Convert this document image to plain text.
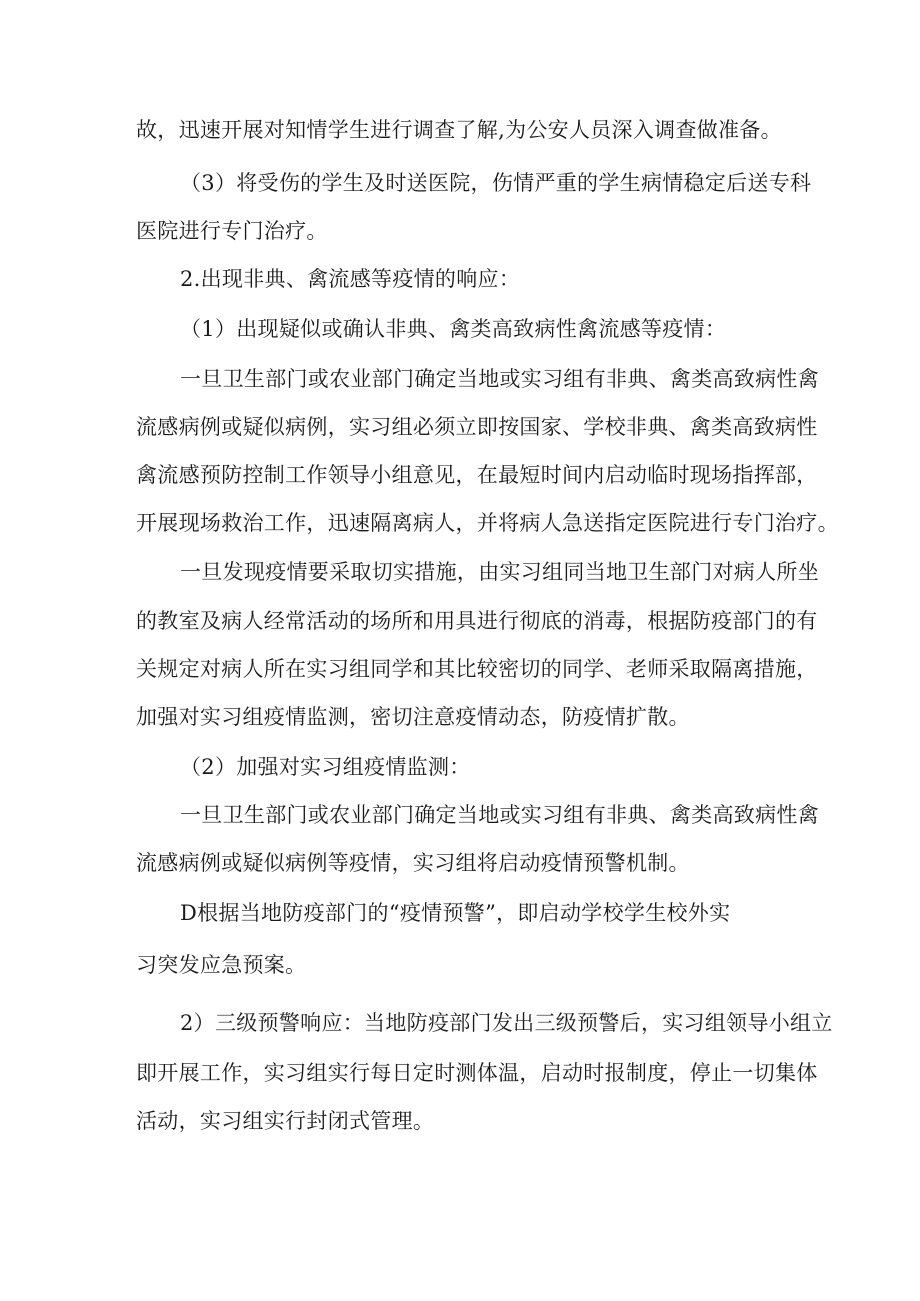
故，迅速开展对知情学生进行调查了解,为公安人员深入调查做准备。

（3）将受伤的学生及时送医院，伤情严重的学生病情稳定后送专科

医院进行专门治疗。

2.出现非典、禽流感等疫情的响应：

（1）出现疑似或确认非典、禽类高致病性禽流感等疫情：

一旦卫生部门或农业部门确定当地或实习组有非典、禽类高致病性禽

流感病例或疑似病例，实习组必须立即按国家、学校非典、禽类高致病性

禽流感预防控制工作领导小组意见，在最短时间内启动临时现场指挥部，

开展现场救治工作，迅速隔离病人，并将病人急送指定医院进行专门治疗。

一旦发现疫情要采取切实措施，由实习组同当地卫生部门对病人所坐

的教室及病人经常活动的场所和用具进行彻底的消毒，根据防疫部门的有

关规定对病人所在实习组同学和其比较密切的同学、老师采取隔离措施，

加强对实习组疫情监测，密切注意疫情动态，防疫情扩散。

（2）加强对实习组疫情监测：

一旦卫生部门或农业部门确定当地或实习组有非典、禽类高致病性禽

流感病例或疑似病例等疫情，实习组将启动疫情预警机制。

D根据当地防疫部门的“疫情预警”，即启动学校学生校外实

习突发应急预案。

2）三级预警响应：当地防疫部门发出三级预警后，实习组领导小组立

即开展工作，实习组实行每日定时测体温，启动时报制度，停止一切集体

活动，实习组实行封闭式管理。
